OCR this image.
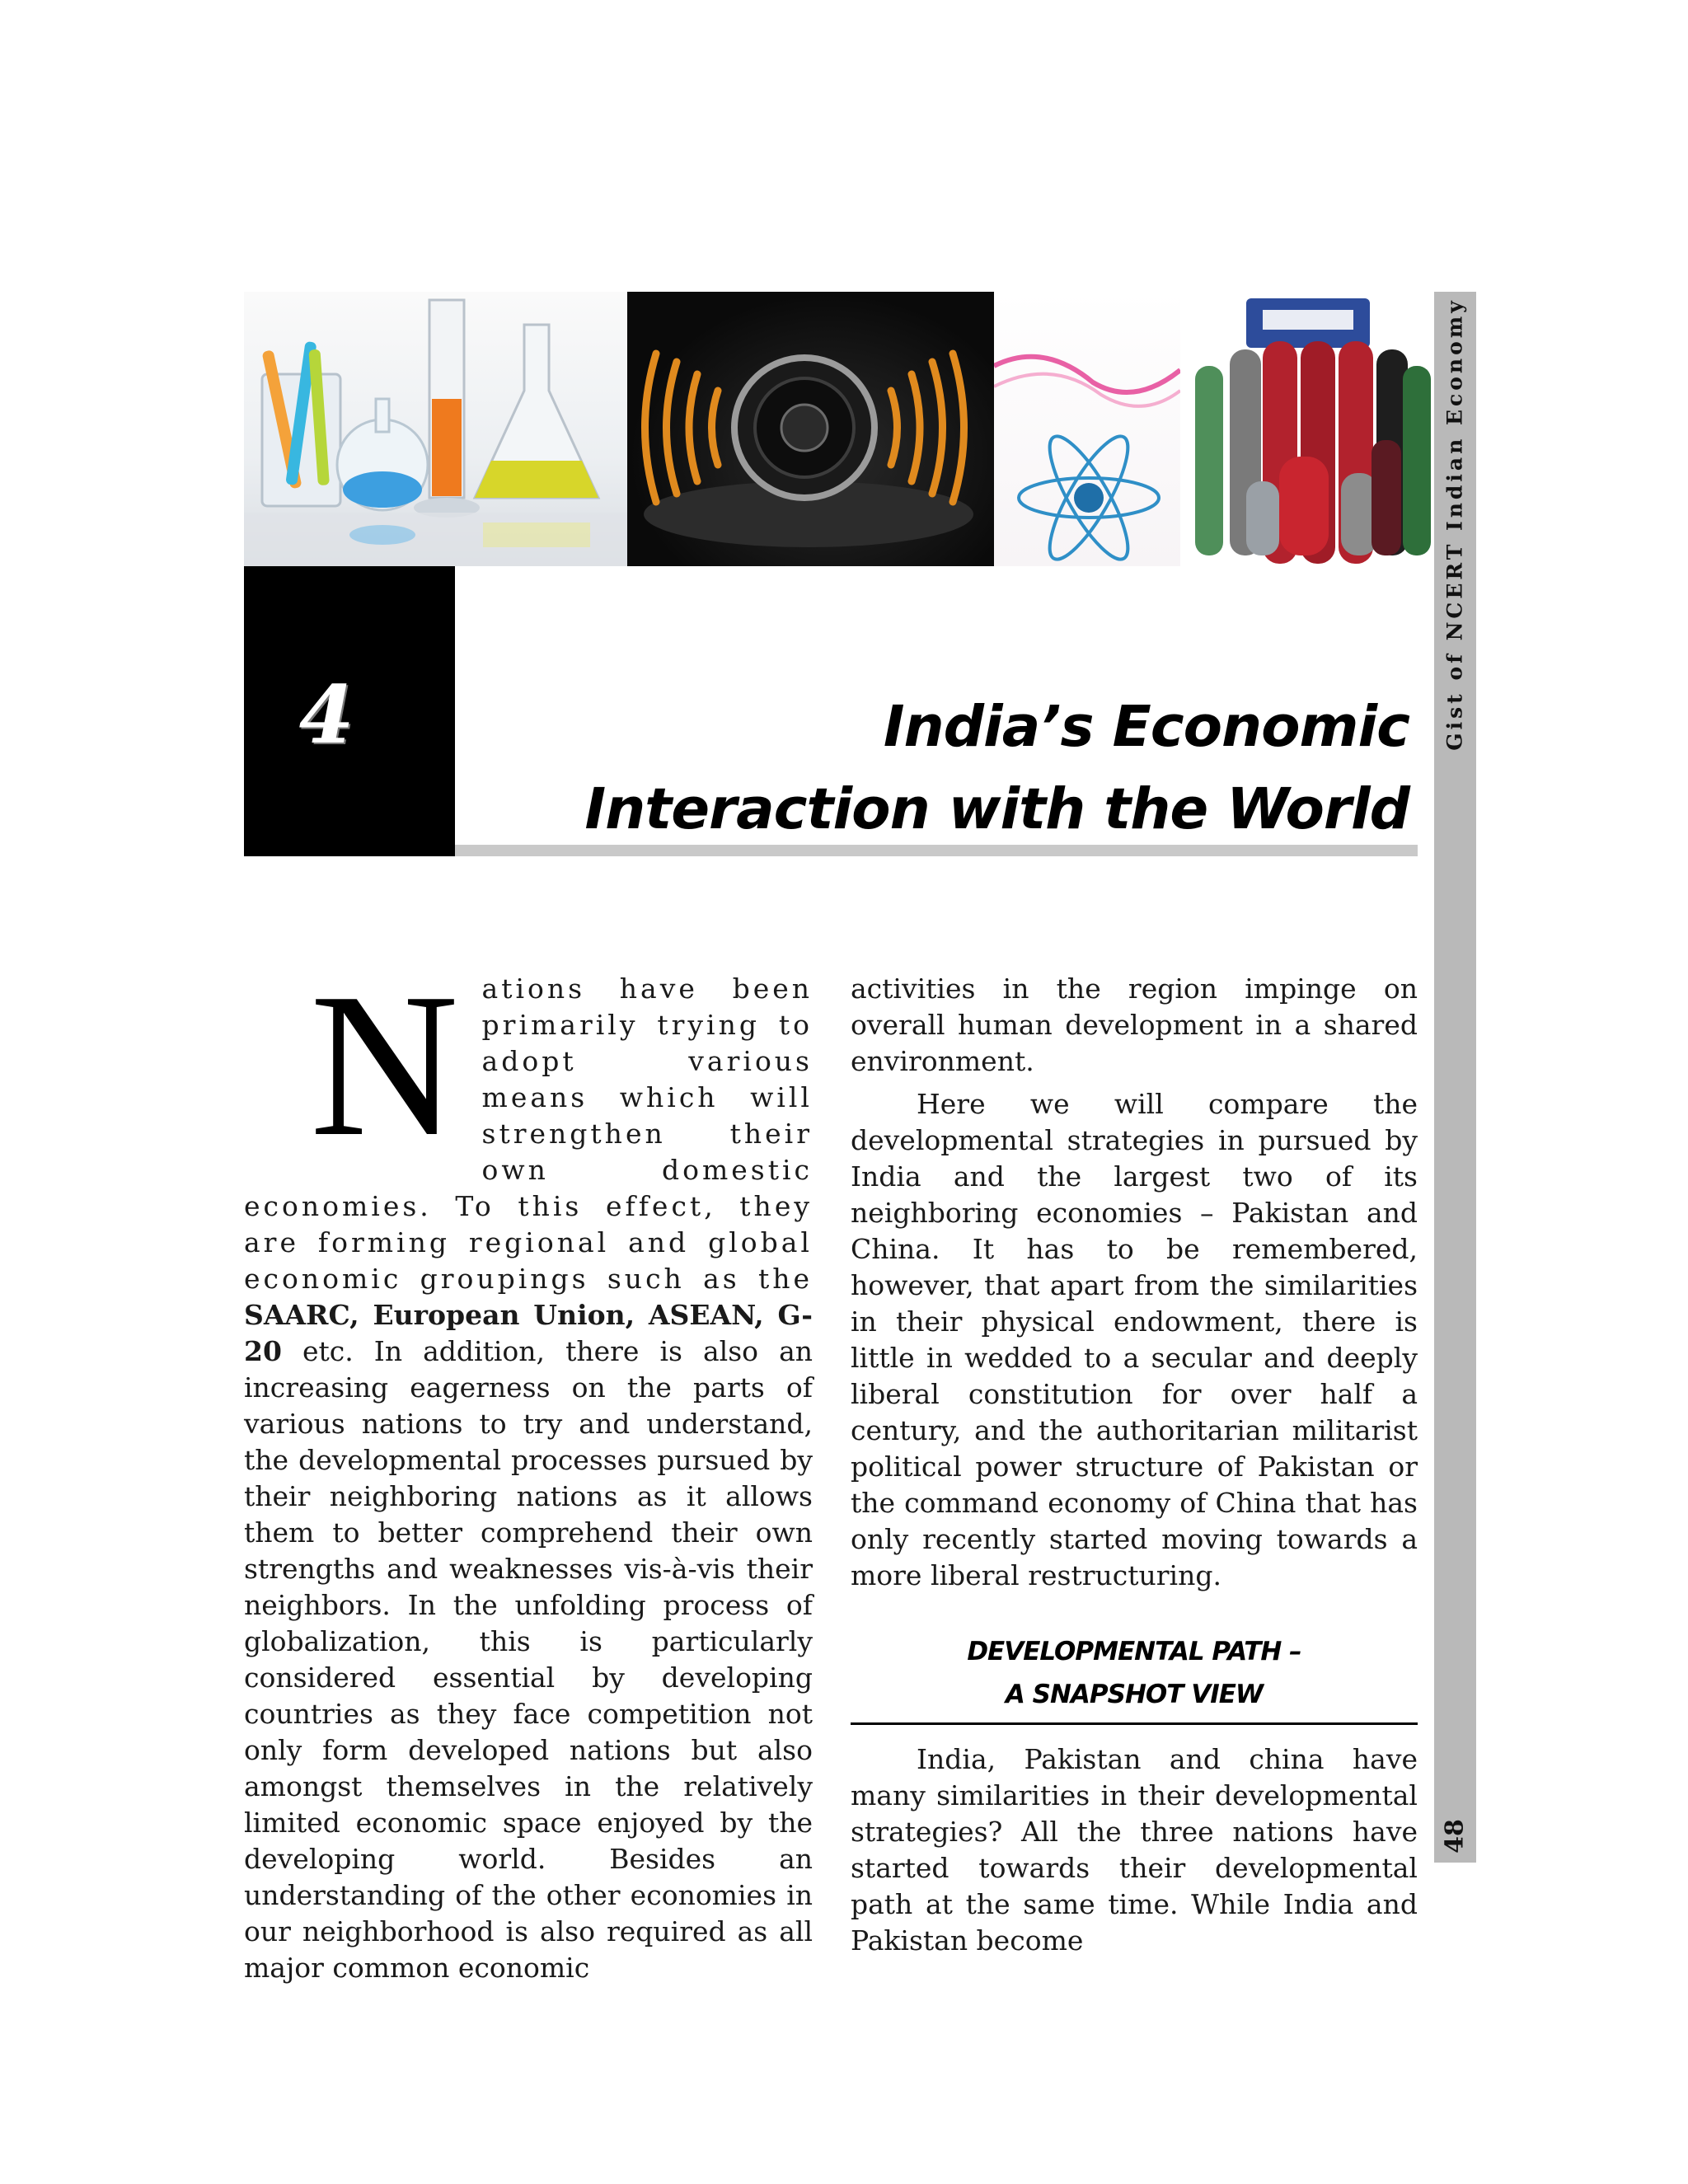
Gist of NCERT Indian Economy
48
4	India’s Economic
Interaction with the World

Nations have been primarily trying to adopt various means which will strengthen their own domestic economies. To this effect, they are forming regional and global economic groupings such as the SAARC, European Union, ASEAN, G-20 etc. In addition, there is also an increasing eagerness on the parts of various nations to try and understand, the developmental processes pursued by their neighboring nations as it allows them to better comprehend their own strengths and weaknesses vis-à-vis their neighbors. In the unfolding process of globalization, this is particularly considered essential by developing countries as they face competition not only form developed nations but also amongst themselves in the relatively limited economic space enjoyed by the developing world. Besides an understanding of the other economies in our neighborhood is also required as all major common economic

activities in the region impinge on overall human development in a shared environment.

Here we will compare the developmental strategies in pursued by India and the largest two of its neighboring economies – Pakistan and China. It has to be remembered, however, that apart from the similarities in their physical endowment, there is little in wedded to a secular and deeply liberal constitution for over half a century, and the authoritarian militarist political power structure of Pakistan or the command economy of China that has only recently started moving towards a more liberal restructuring.

DEVELOPMENTAL PATH –
A SNAPSHOT VIEW

India, Pakistan and china have many similarities in their developmental strategies? All the three nations have started towards their developmental path at the same time. While India and Pakistan become
